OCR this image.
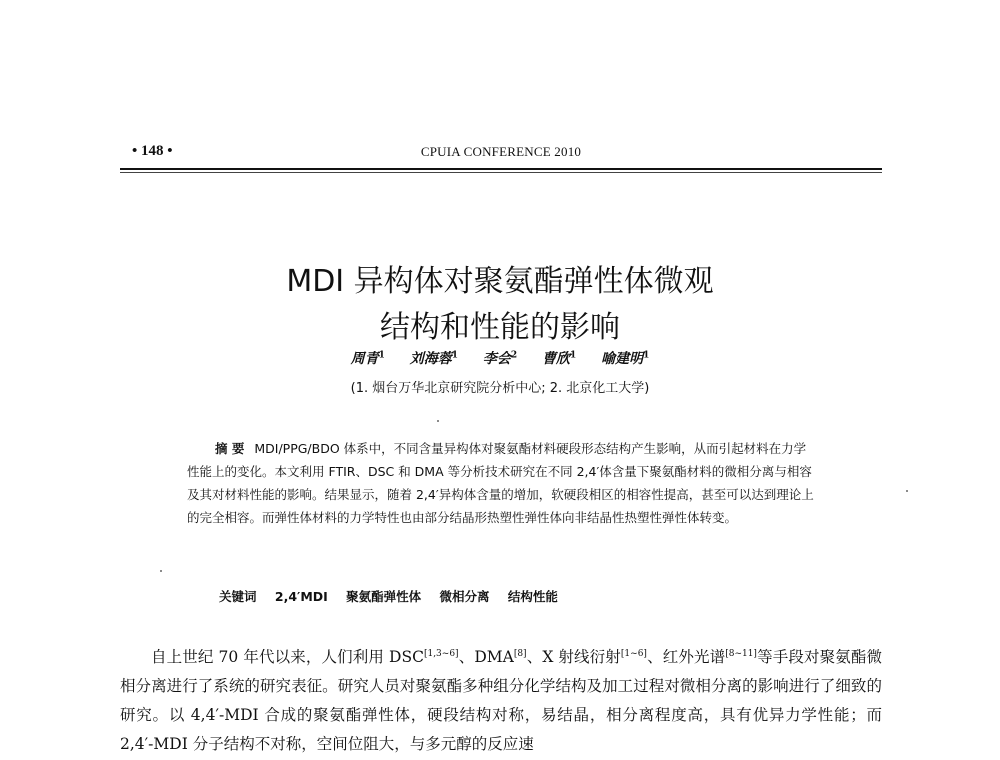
• 148 •	CPUIA CONFERENCE 2010
MDI 异构体对聚氨酯弹性体微观
结构和性能的影响
周青$^1$ 刘海蓉$^1$ 李会$^2$ 曹欣$^1$ 喻建明$^1$
(1. 烟台万华北京研究院分析中心; 2. 北京化工大学)

摘 要 MDI/PPG/BDO 体系中，不同含量异构体对聚氨酯材料硬段形态结构产生影响，从而引起材料在力学性能上的变化。本文利用 FTIR、DSC 和 DMA 等分析技术研究在不同 2,4′体含量下聚氨酯材料的微相分离与相容及其对材料性能的影响。结果显示，随着 2,4′异构体含量的增加，软硬段相区的相容性提高，甚至可以达到理论上的完全相容。而弹性体材料的力学特性也由部分结晶形热塑性弹性体向非结晶性热塑性弹性体转变。

关键词 2,4′MDI 聚氨酯弹性体 微相分离 结构性能

自上世纪 70 年代以来，人们利用 DSC[1,3~6]、DMA[8]、X 射线衍射[1~6]、红外光谱[8~11]等手段对聚氨酯微相分离进行了系统的研究表征。研究人员对聚氨酯多种组分化学结构及加工过程对微相分离的影响进行了细致的研究。以 4,4′-MDI 合成的聚氨酯弹性体，硬段结构对称，易结晶，相分离程度高，具有优异力学性能；而 2,4′-MDI 分子结构不对称，空间位阻大，与多元醇的反应速
